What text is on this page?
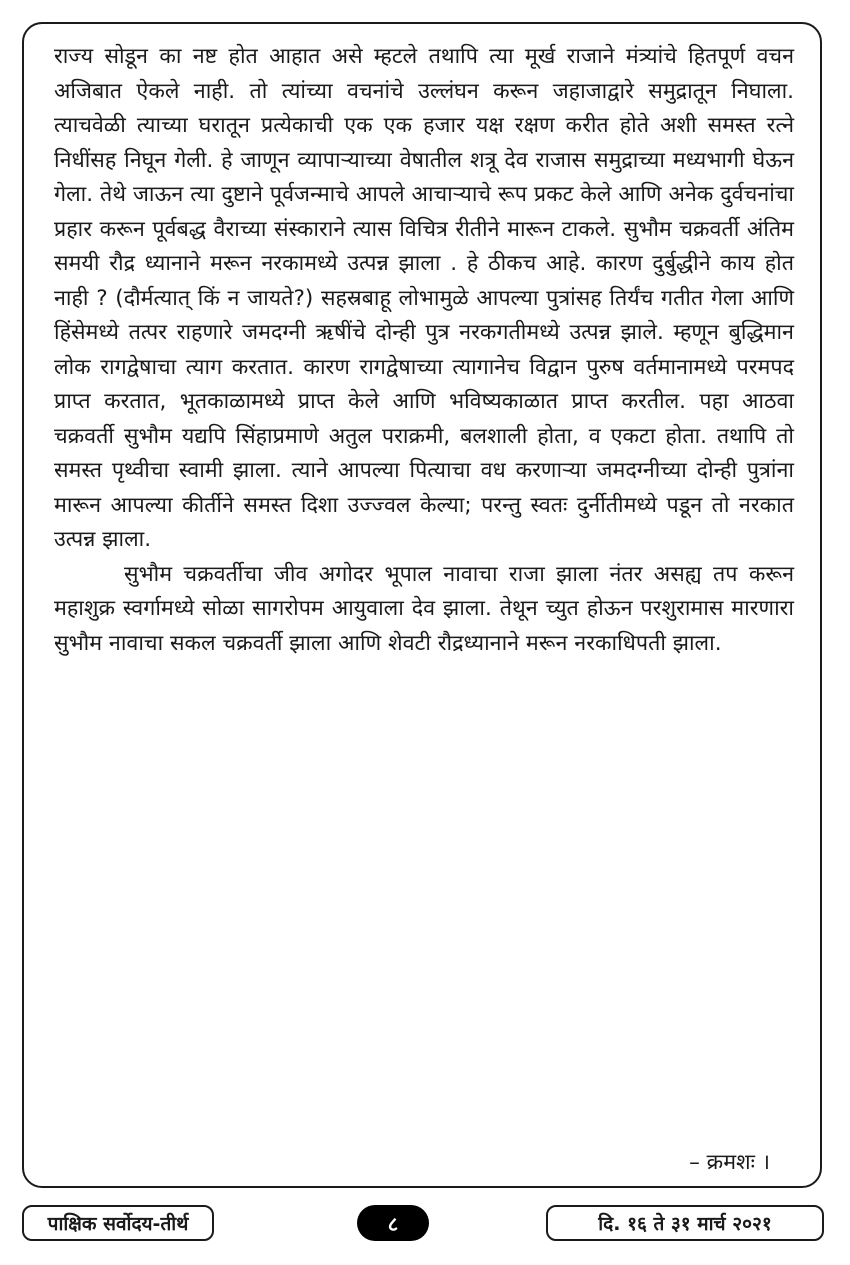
राज्य सोडून का नष्ट होत आहात असे म्हटले तथापि त्या मूर्ख राजाने मंत्र्यांचे हितपूर्ण वचन अजिबात ऐकले नाही. तो त्यांच्या वचनांचे उल्लंघन करून जहाजाद्वारे समुद्रातून निघाला. त्याचवेळी त्याच्या घरातून प्रत्येकाची एक एक हजार यक्ष रक्षण करीत होते अशी समस्त रत्ने निधींसह निघून गेली. हे जाणून व्यापाऱ्याच्या वेषातील शत्रू देव राजास समुद्राच्या मध्यभागी घेऊन गेला. तेथे जाऊन त्या दुष्टाने पूर्वजन्माचे आपले आचाऱ्याचे रूप प्रकट केले आणि अनेक दुर्वचनांचा प्रहार करून पूर्वबद्ध वैराच्या संस्काराने त्यास विचित्र रीतीने मारून टाकले. सुभौम चक्रवर्ती अंतिम समयी रौद्र ध्यानाने मरून नरकामध्ये उत्पन्न झाला . हे ठीकच आहे. कारण दुर्बुद्धीने काय होत नाही ? (दौर्मत्यात् किं न जायते?) सहस्रबाहू लोभामुळे आपल्या पुत्रांसह तिर्यंच गतीत गेला आणि हिंसेमध्ये तत्पर राहणारे जमदग्नी ऋषींचे दोन्ही पुत्र नरकगतीमध्ये उत्पन्न झाले. म्हणून बुद्धिमान लोक रागद्वेषाचा त्याग करतात. कारण रागद्वेषाच्या त्यागानेच विद्वान पुरुष वर्तमानामध्ये परमपद प्राप्त करतात, भूतकाळामध्ये प्राप्त केले आणि भविष्यकाळात प्राप्त करतील. पहा आठवा चक्रवर्ती सुभौम यद्यपि सिंहाप्रमाणे अतुल पराक्रमी, बलशाली होता, व एकटा होता. तथापि तो समस्त पृथ्वीचा स्वामी झाला. त्याने आपल्या पित्याचा वध करणाऱ्या जमदग्नीच्या दोन्ही पुत्रांना मारून आपल्या कीर्तीने समस्त दिशा उज्ज्वल केल्या; परन्तु स्वतः दुर्नीतीमध्ये पडून तो नरकात उत्पन्न झाला.

सुभौम चक्रवर्तीचा जीव अगोदर भूपाल नावाचा राजा झाला नंतर असह्य तप करून महाशुक्र स्वर्गामध्ये सोळा सागरोपम आयुवाला देव झाला. तेथून च्युत होऊन परशुरामास मारणारा सुभौम नावाचा सकल चक्रवर्ती झाला आणि शेवटी रौद्रध्यानाने मरून नरकाधिपती झाला.

– क्रमशः ।
पाक्षिक सर्वोदय-तीर्थ	८	दि. १६ ते ३१ मार्च २०२१
